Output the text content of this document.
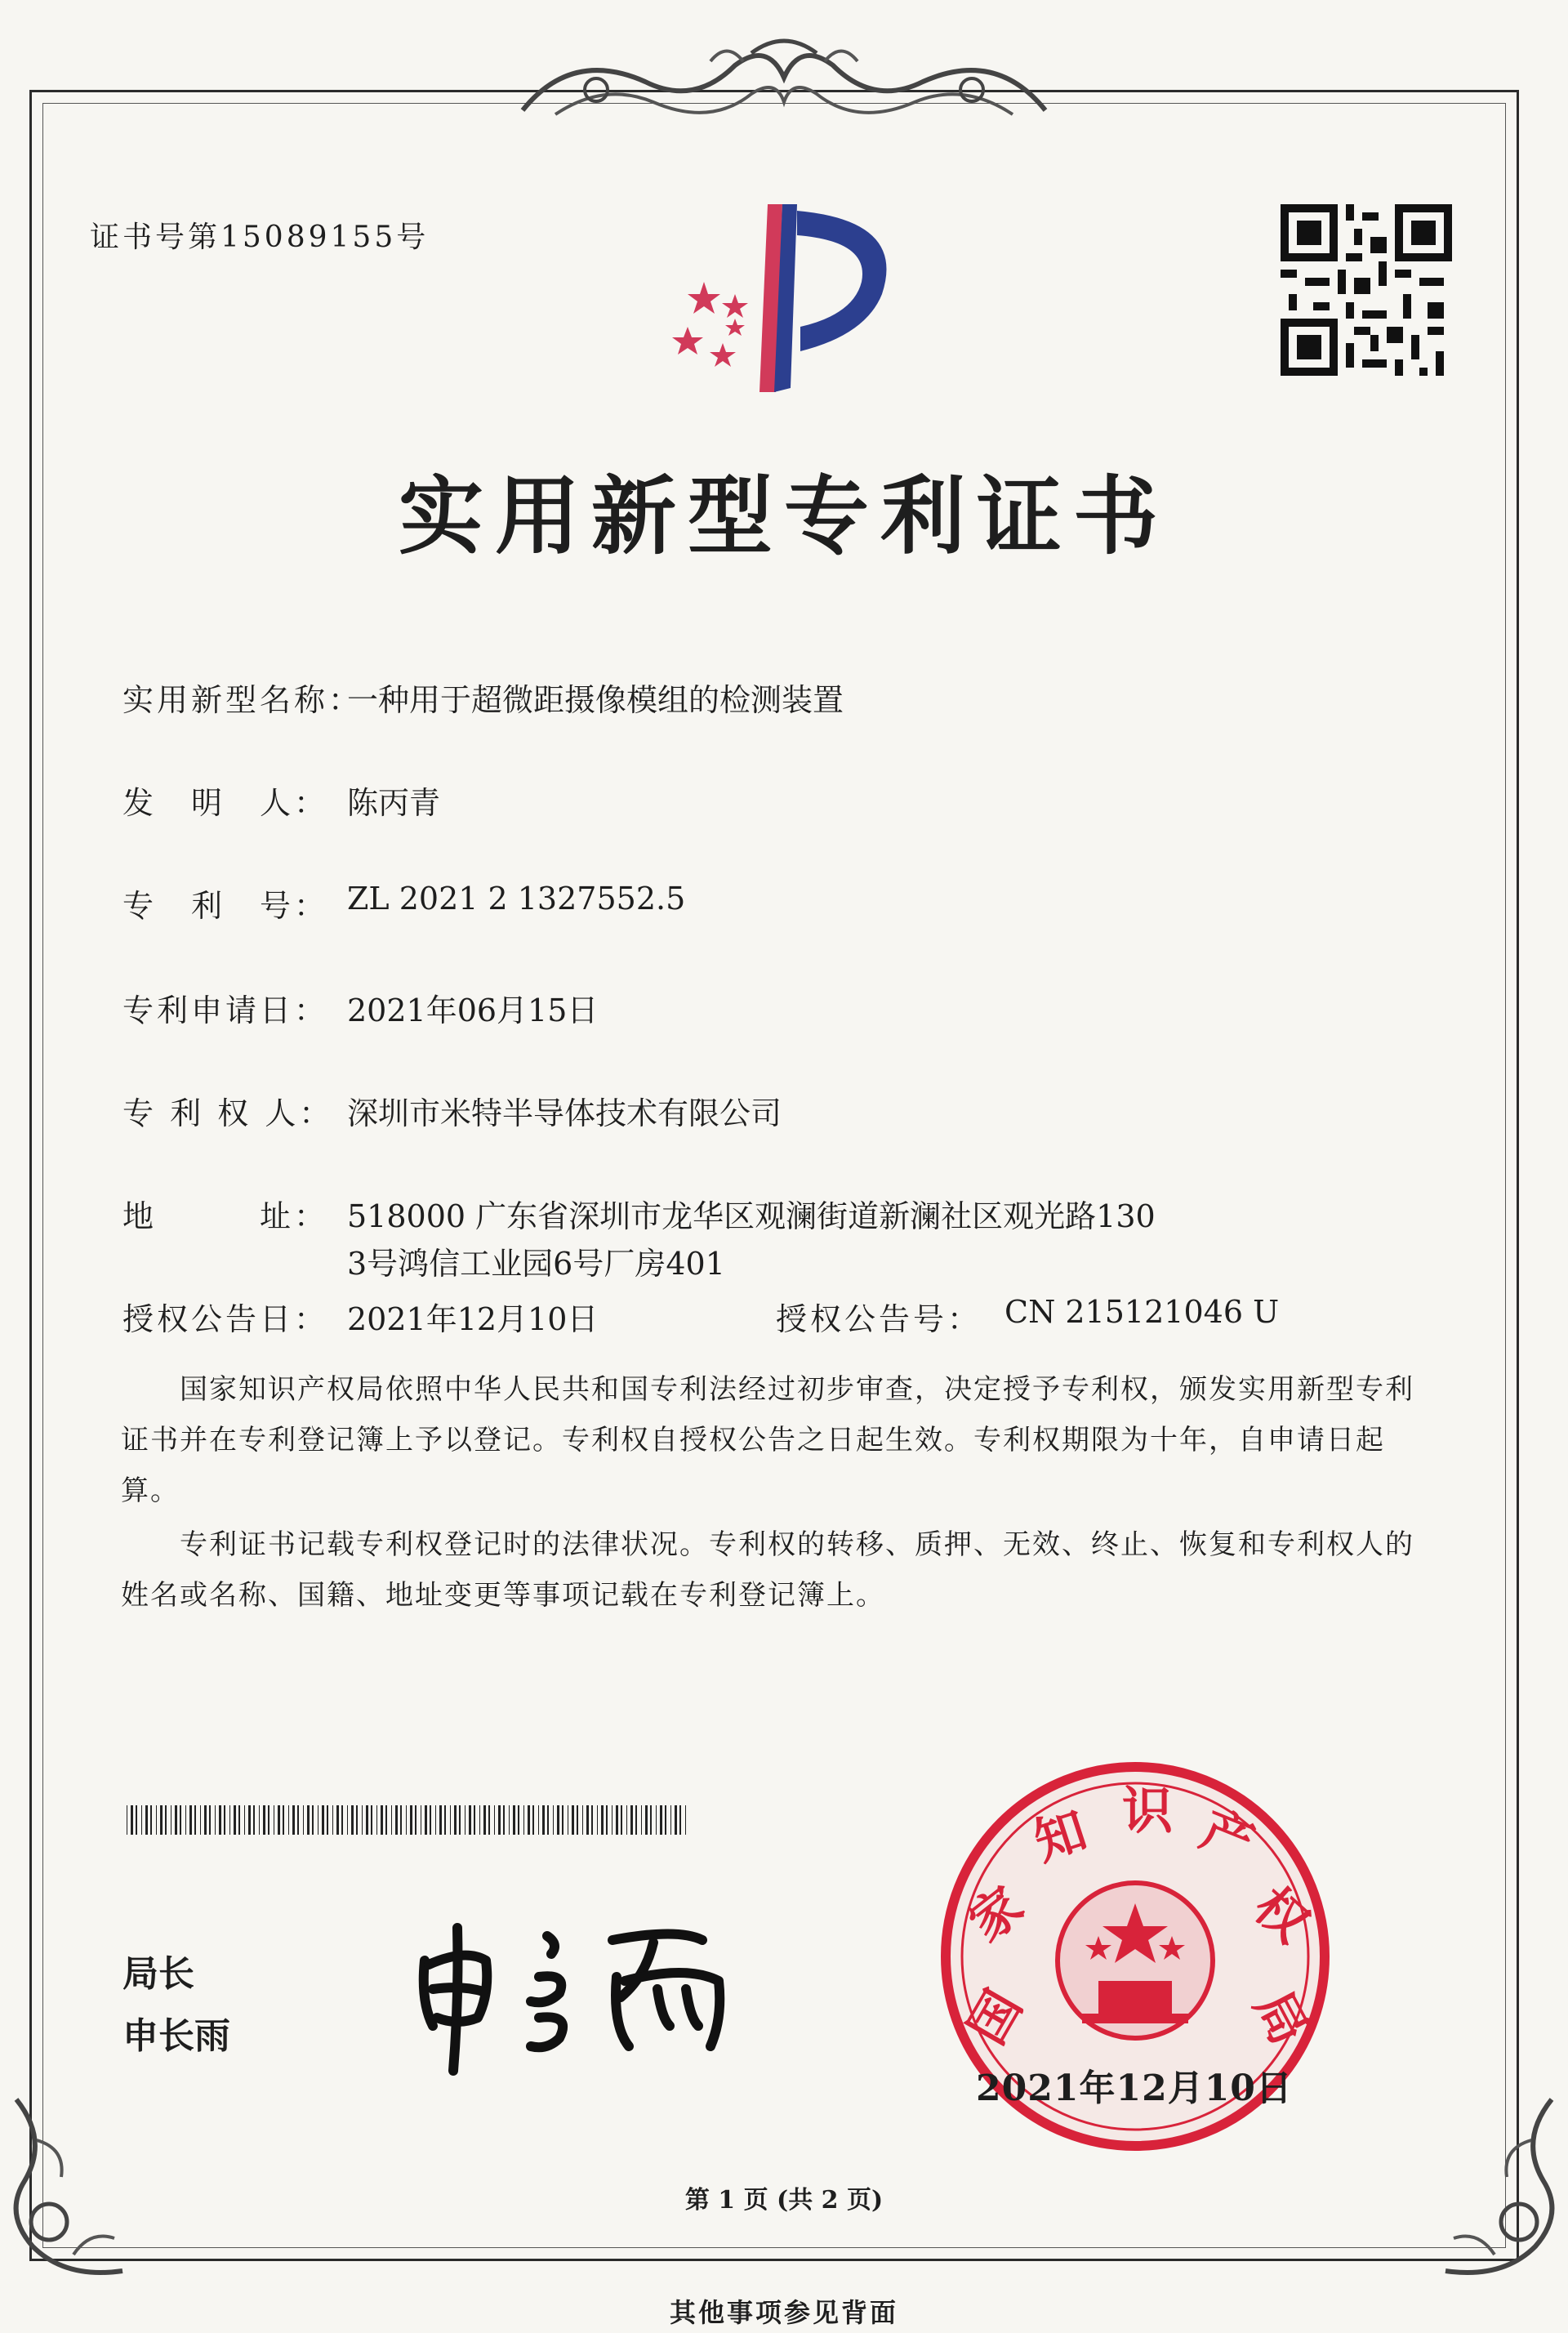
证书号第15089155号
实用新型专利证书
实用新型名称：
一种用于超微距摄像模组的检测装置
发　明　人： 陈丙青
专　利　号： ZL 2021 2 1327552.5
专利申请日： 2021年06月15日
专 利 权 人： 深圳市米特半导体技术有限公司
地　　　址： 518000 广东省深圳市龙华区观澜街道新澜社区观光路130
3号鸿信工业园6号厂房401
授权公告日： 2021年12月10日	授权公告号： CN 215121046 U
国家知识产权局依照中华人民共和国专利法经过初步审查，决定授予专利权，颁发实用新型专利证书并在专利登记簿上予以登记。专利权自授权公告之日起生效。专利权期限为十年，自申请日起算。
专利证书记载专利权登记时的法律状况。专利权的转移、质押、无效、终止、恢复和专利权人的姓名或名称、国籍、地址变更等事项记载在专利登记簿上。
局长
申长雨	国
家
知 识 产
权
局
2021年12月10日
第 1 页 (共 2 页)
其他事项参见背面
